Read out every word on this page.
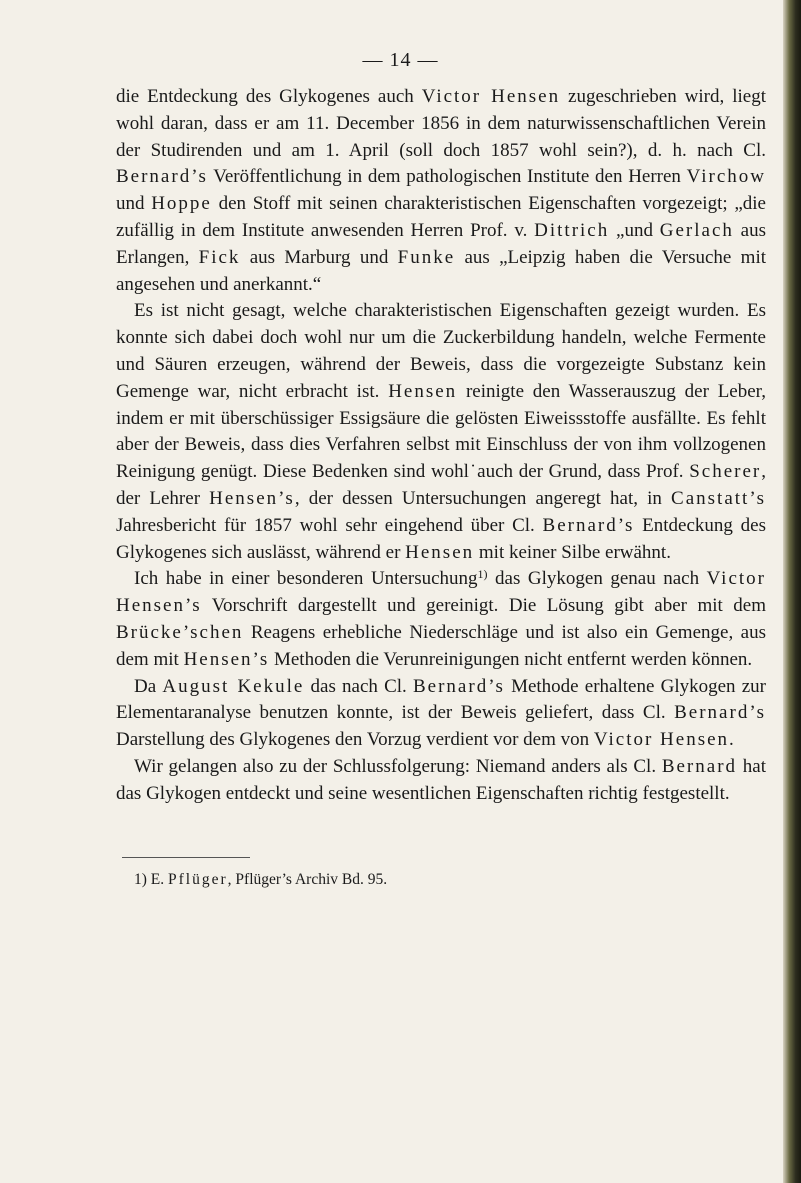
— 14 —

die Entdeckung des Glykogenes auch Victor Hensen zugeschrieben wird, liegt wohl daran, dass er am 11. December 1856 in dem naturwissenschaftlichen Verein der Studirenden und am 1. April (soll doch 1857 wohl sein?), d. h. nach Cl. Bernard’s Veröffentlichung in dem pathologischen Institute den Herren Virchow und Hoppe den Stoff mit seinen charakteristischen Eigenschaften vorgezeigt; „die zufällig in dem Institute anwesenden Herren Prof. v. Dittrich „und Gerlach aus Erlangen, Fick aus Marburg und Funke aus „Leipzig haben die Versuche mit angesehen und anerkannt.“

Es ist nicht gesagt, welche charakteristischen Eigenschaften gezeigt wurden. Es konnte sich dabei doch wohl nur um die Zuckerbildung handeln, welche Fermente und Säuren erzeugen, während der Beweis, dass die vorgezeigte Substanz kein Gemenge war, nicht erbracht ist. Hensen reinigte den Wasserauszug der Leber, indem er mit überschüssiger Essigsäure die gelösten Eiweissstoffe ausfällte. Es fehlt aber der Beweis, dass dies Verfahren selbst mit Einschluss der von ihm vollzogenen Reinigung genügt. Diese Bedenken sind wohl˙auch der Grund, dass Prof. Scherer, der Lehrer Hensen’s, der dessen Untersuchungen angeregt hat, in Canstatt’s Jahresbericht für 1857 wohl sehr eingehend über Cl. Bernard’s Entdeckung des Glykogenes sich auslässt, während er Hensen mit keiner Silbe erwähnt.

Ich habe in einer besonderen Untersuchung$^{1)}$ das Glykogen genau nach Victor Hensen’s Vorschrift dargestellt und gereinigt. Die Lösung gibt aber mit dem Brücke’schen Reagens erhebliche Niederschläge und ist also ein Gemenge, aus dem mit Hensen’s Methoden die Verunreinigungen nicht entfernt werden können.

Da August Kekule das nach Cl. Bernard’s Methode erhaltene Glykogen zur Elementaranalyse benutzen konnte, ist der Beweis geliefert, dass Cl. Bernard’s Darstellung des Glykogenes den Vorzug verdient vor dem von Victor Hensen.

Wir gelangen also zu der Schlussfolgerung: Niemand anders als Cl. Bernard hat das Glykogen entdeckt und seine wesentlichen Eigenschaften richtig festgestellt.

1) E. Pflüger, Pflüger’s Archiv Bd. 95.
